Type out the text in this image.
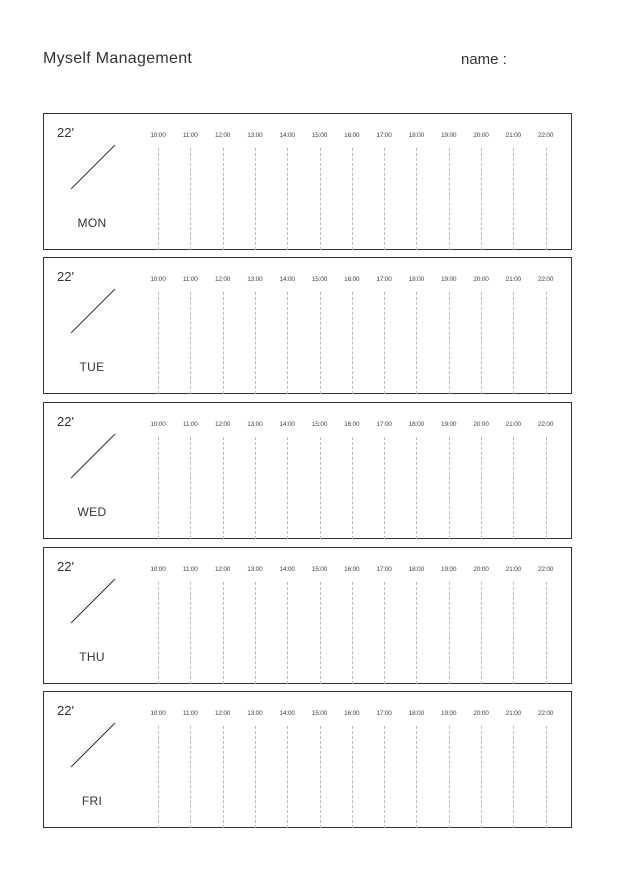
Myself Management	name :
22'
MON
10:00	11:00	12:00	13:00	14:00	15:00	16:00	17:00	18:00	19:00	20:00	21:00	22:00
22'
TUE
10:00	11:00	12:00	13:00	14:00	15:00	16:00	17:00	18:00	19:00	20:00	21:00	22:00
22'
WED
10:00	11:00	12:00	13:00	14:00	15:00	16:00	17:00	18:00	19:00	20:00	21:00	22:00
22'
THU
10:00	11:00	12:00	13:00	14:00	15:00	16:00	17:00	18:00	19:00	20:00	21:00	22:00
22'
FRI
10:00	11:00	12:00	13:00	14:00	15:00	16:00	17:00	18:00	19:00	20:00	21:00	22:00
